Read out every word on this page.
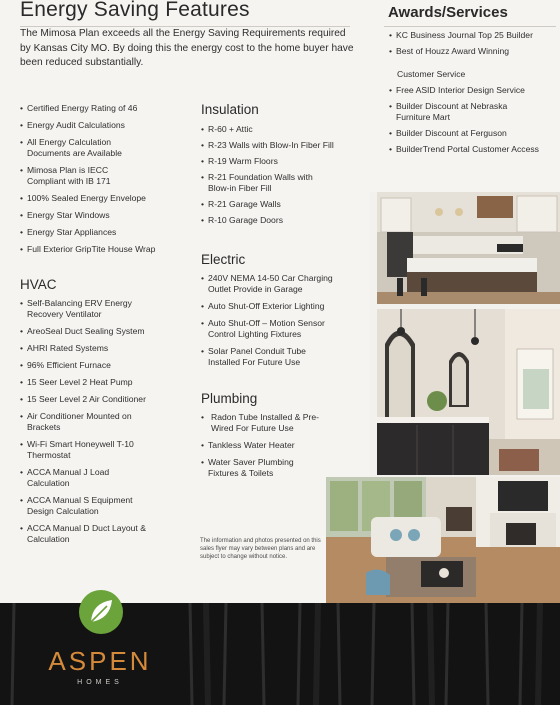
Energy Saving Features

The Mimosa Plan exceeds all the Energy Saving Requirements required by Kansas City MO. By doing this the energy cost to the home buyer have been reduced substantially.

• Certified Energy Rating of 46
• Energy Audit Calculations
• All Energy Calculation Documents are Available
• Mimosa Plan is IECC Compliant with IB 171
• 100% Sealed Energy Envelope
• Energy Star Windows
• Energy Star Appliances
• Full Exterior GripTite House Wrap
HVAC
• Self-Balancing ERV Energy Recovery Ventilator
• AreoSeal Duct Sealing System
• AHRI Rated Systems
• 96% Efficient Furnace
• 15 Seer Level 2 Heat Pump
• 15 Seer Level 2 Air Conditioner
• Air Conditioner Mounted on Brackets
• Wi-Fi Smart Honeywell T-10 Thermostat
• ACCA Manual J Load Calculation
• ACCA Manual S Equipment Design Calculation
• ACCA Manual D Duct Layout & Calculation
Insulation
• R-60 + Attic
• R-23 Walls with Blow-In Fiber Fill
• R-19 Warm Floors
• R-21 Foundation Walls with Blow-in Fiber Fill
• R-21 Garage Walls
• R-10 Garage Doors
Electric
• 240V NEMA 14-50 Car Charging Outlet Provide in Garage
• Auto Shut-Off Exterior Lighting
• Auto Shut-Off – Motion Sensor Control Lighting Fixtures
• Solar Panel Conduit Tube Installed For Future Use
Plumbing
• Radon Tube Installed & Pre-Wired For Future Use
• Tankless Water Heater
• Water Saver Plumbing Fixtures & Toilets

The information and photos presented on this sales flyer may vary between plans and are subject to change without notice.

Awards/Services
• KC Business Journal Top 25 Builder
• Best of Houzz Award Winning
Customer Service
• Free ASID Interior Design Service
• Builder Discount at Nebraska Furniture Mart
• Builder Discount at Ferguson
• BuilderTrend Portal Customer Access
ASPEN
HOMES
